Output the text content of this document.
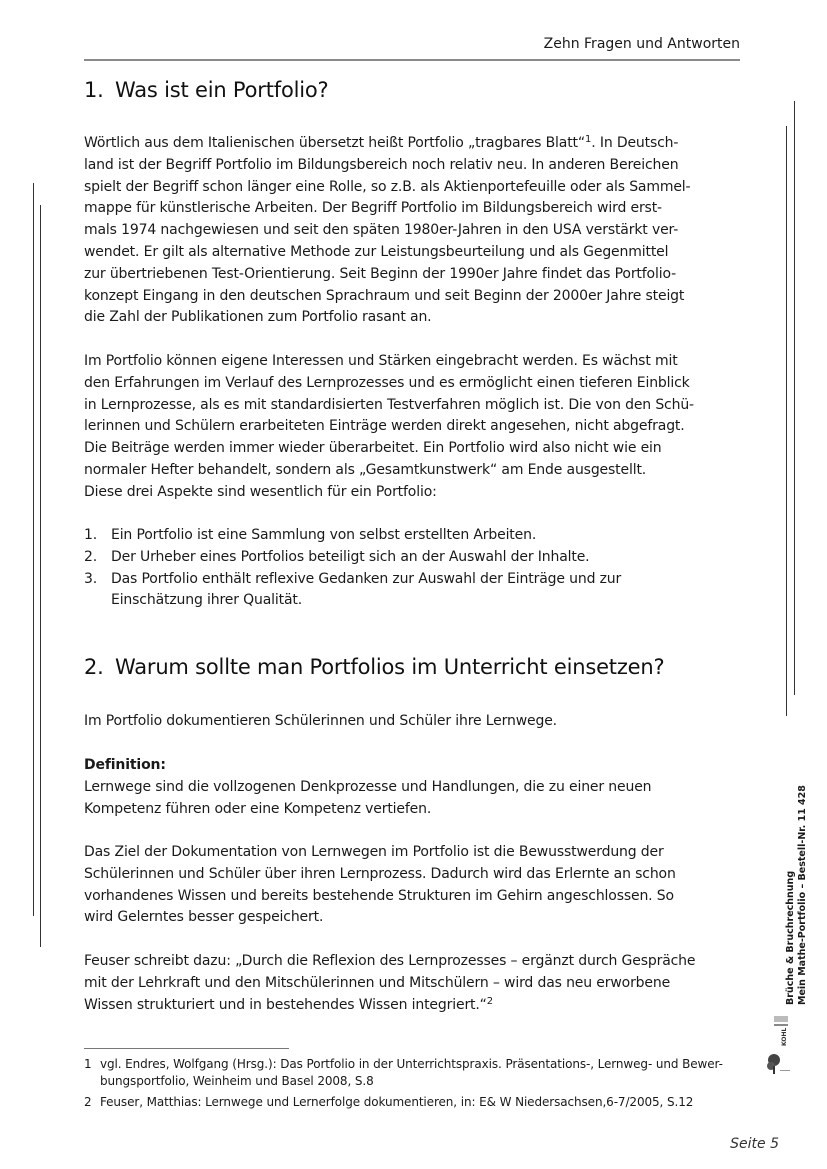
Zehn Fragen und Antworten
1. Was ist ein Portfolio?
Wörtlich aus dem Italienischen übersetzt heißt Portfolio „tragbares Blatt“$^1$. In Deutsch-
land ist der Begriff Portfolio im Bildungsbereich noch relativ neu. In anderen Bereichen
spielt der Begriff schon länger eine Rolle, so z.B. als Aktienportefeuille oder als Sammel-
mappe für künstlerische Arbeiten. Der Begriff Portfolio im Bildungsbereich wird erst-
mals 1974 nachgewiesen und seit den späten 1980er-Jahren in den USA verstärkt ver-
wendet. Er gilt als alternative Methode zur Leistungsbeurteilung und als Gegenmittel
zur übertriebenen Test-Orientierung. Seit Beginn der 1990er Jahre findet das Portfolio-
konzept Eingang in den deutschen Sprachraum und seit Beginn der 2000er Jahre steigt
die Zahl der Publikationen zum Portfolio rasant an.
Im Portfolio können eigene Interessen und Stärken eingebracht werden. Es wächst mit
den Erfahrungen im Verlauf des Lernprozesses und es ermöglicht einen tieferen Einblick
in Lernprozesse, als es mit standardisierten Testverfahren möglich ist. Die von den Schü-
lerinnen und Schülern erarbeiteten Einträge werden direkt angesehen, nicht abgefragt.
Die Beiträge werden immer wieder überarbeitet. Ein Portfolio wird also nicht wie ein
normaler Hefter behandelt, sondern als „Gesamtkunstwerk“ am Ende ausgestellt.
Diese drei Aspekte sind wesentlich für ein Portfolio:
1. Ein Portfolio ist eine Sammlung von selbst erstellten Arbeiten.
2. Der Urheber eines Portfolios beteiligt sich an der Auswahl der Inhalte.
3. Das Portfolio enthält reflexive Gedanken zur Auswahl der Einträge und zur
Einschätzung ihrer Qualität.
2. Warum sollte man Portfolios im Unterricht einsetzen?
Im Portfolio dokumentieren Schülerinnen und Schüler ihre Lernwege.
Definition:
Lernwege sind die vollzogenen Denkprozesse und Handlungen, die zu einer neuen
Kompetenz führen oder eine Kompetenz vertiefen.
Das Ziel der Dokumentation von Lernwegen im Portfolio ist die Bewusstwerdung der
Schülerinnen und Schüler über ihren Lernprozess. Dadurch wird das Erlernte an schon
vorhandenes Wissen und bereits bestehende Strukturen im Gehirn angeschlossen. So
wird Gelerntes besser gespeichert.
Feuser schreibt dazu: „Durch die Reflexion des Lernprozesses – ergänzt durch Gespräche
mit der Lehrkraft und den Mitschülerinnen und Mitschülern – wird das neu erworbene
Wissen strukturiert und in bestehendes Wissen integriert.“$^2$
1 vgl. Endres, Wolfgang (Hrsg.): Das Portfolio in der Unterrichtspraxis. Präsentations-, Lernweg- und Bewer-
bungsportfolio, Weinheim und Basel 2008, S.8
2 Feuser, Matthias: Lernwege und Lernerfolge dokumentieren, in: E& W Niedersachsen,6-7/2005, S.12
Seite 5
Brüche & Bruchrechnung Mein Mathe-Portfolio – Bestell-Nr. 11 428
KOHL
